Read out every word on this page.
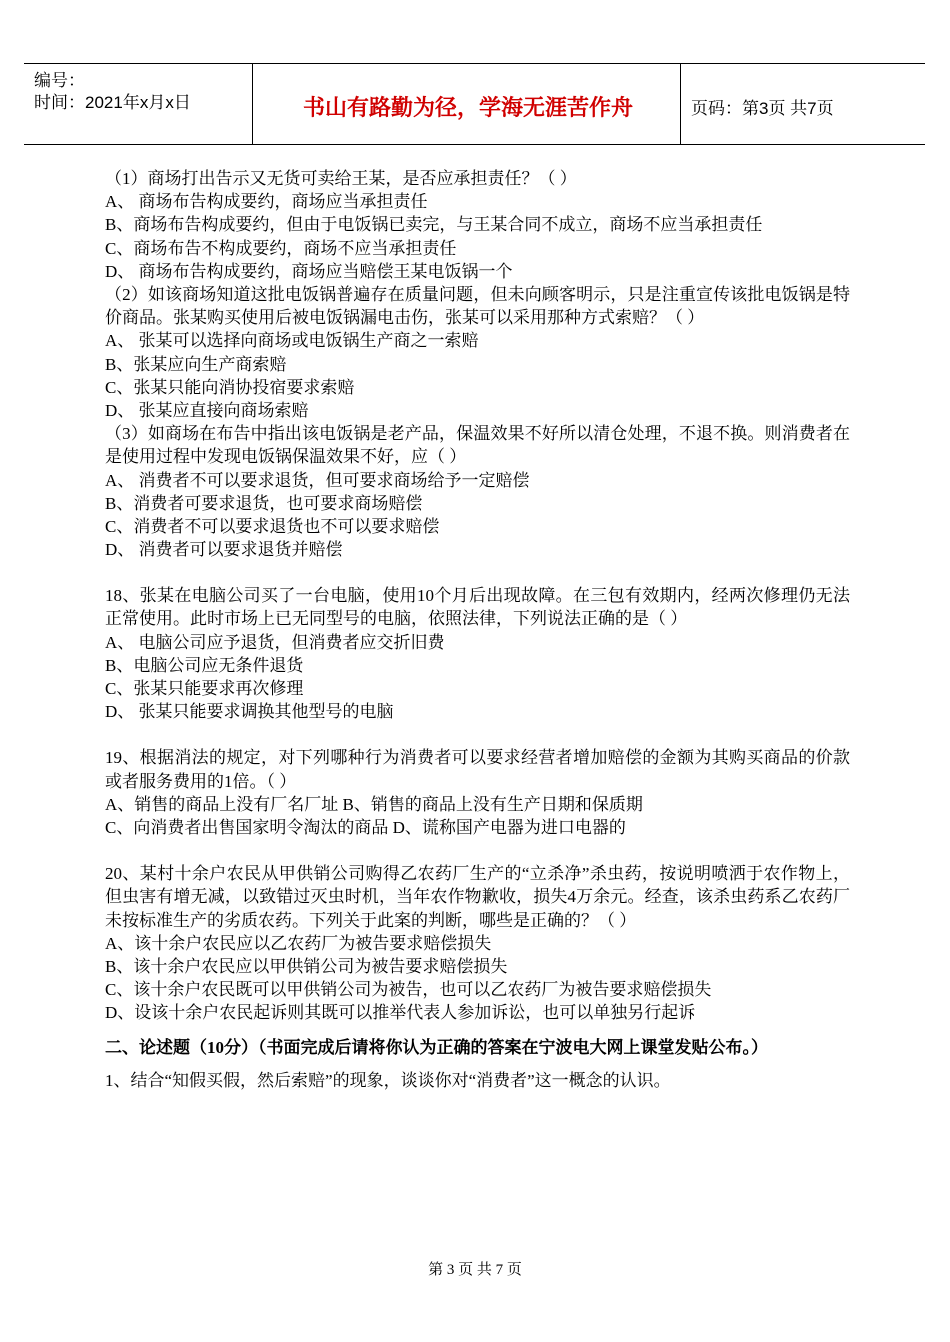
编号：
时间：2021年x月x日	书山有路勤为径，学海无涯苦作舟	页码：第3页 共7页
（1）商场打出告示又无货可卖给王某，是否应承担责任？（ ）
A、 商场布告构成要约，商场应当承担责任
B、商场布告构成要约，但由于电饭锅已卖完，与王某合同不成立，商场不应当承担责任
C、商场布告不构成要约，商场不应当承担责任
D、 商场布告构成要约，商场应当赔偿王某电饭锅一个
（2）如该商场知道这批电饭锅普遍存在质量问题，但未向顾客明示，只是注重宣传该批电饭锅是特价商品。张某购买使用后被电饭锅漏电击伤，张某可以采用那种方式索赔？（ ）
A、 张某可以选择向商场或电饭锅生产商之一索赔
B、张某应向生产商索赔
C、张某只能向消协投宿要求索赔
D、 张某应直接向商场索赔
（3）如商场在布告中指出该电饭锅是老产品，保温效果不好所以清仓处理，不退不换。则消费者在是使用过程中发现电饭锅保温效果不好，应（ ）
A、 消费者不可以要求退货，但可要求商场给予一定赔偿
B、消费者可要求退货，也可要求商场赔偿
C、消费者不可以要求退货也不可以要求赔偿
D、 消费者可以要求退货并赔偿
18、张某在电脑公司买了一台电脑，使用10个月后出现故障。在三包有效期内，经两次修理仍无法正常使用。此时市场上已无同型号的电脑，依照法律，下列说法正确的是（ ）
A、 电脑公司应予退货，但消费者应交折旧费
B、电脑公司应无条件退货
C、张某只能要求再次修理
D、 张某只能要求调换其他型号的电脑
19、根据消法的规定，对下列哪种行为消费者可以要求经营者增加赔偿的金额为其购买商品的价款或者服务费用的1倍。（ ）
A、销售的商品上没有厂名厂址 B、销售的商品上没有生产日期和保质期
C、向消费者出售国家明令淘汰的商品 D、谎称国产电器为进口电器的
20、某村十余户农民从甲供销公司购得乙农药厂生产的“立杀净”杀虫药，按说明喷洒于农作物上，但虫害有增无减，以致错过灭虫时机，当年农作物歉收，损失4万余元。经查，该杀虫药系乙农药厂未按标准生产的劣质农药。下列关于此案的判断，哪些是正确的？（ ）
A、该十余户农民应以乙农药厂为被告要求赔偿损失
B、该十余户农民应以甲供销公司为被告要求赔偿损失
C、该十余户农民既可以甲供销公司为被告，也可以乙农药厂为被告要求赔偿损失
D、设该十余户农民起诉则其既可以推举代表人参加诉讼，也可以单独另行起诉
二、论述题（10分）（书面完成后请将你认为正确的答案在宁波电大网上课堂发贴公布。）
1、结合“知假买假，然后索赔”的现象，谈谈你对“消费者”这一概念的认识。
第 3 页 共 7 页
